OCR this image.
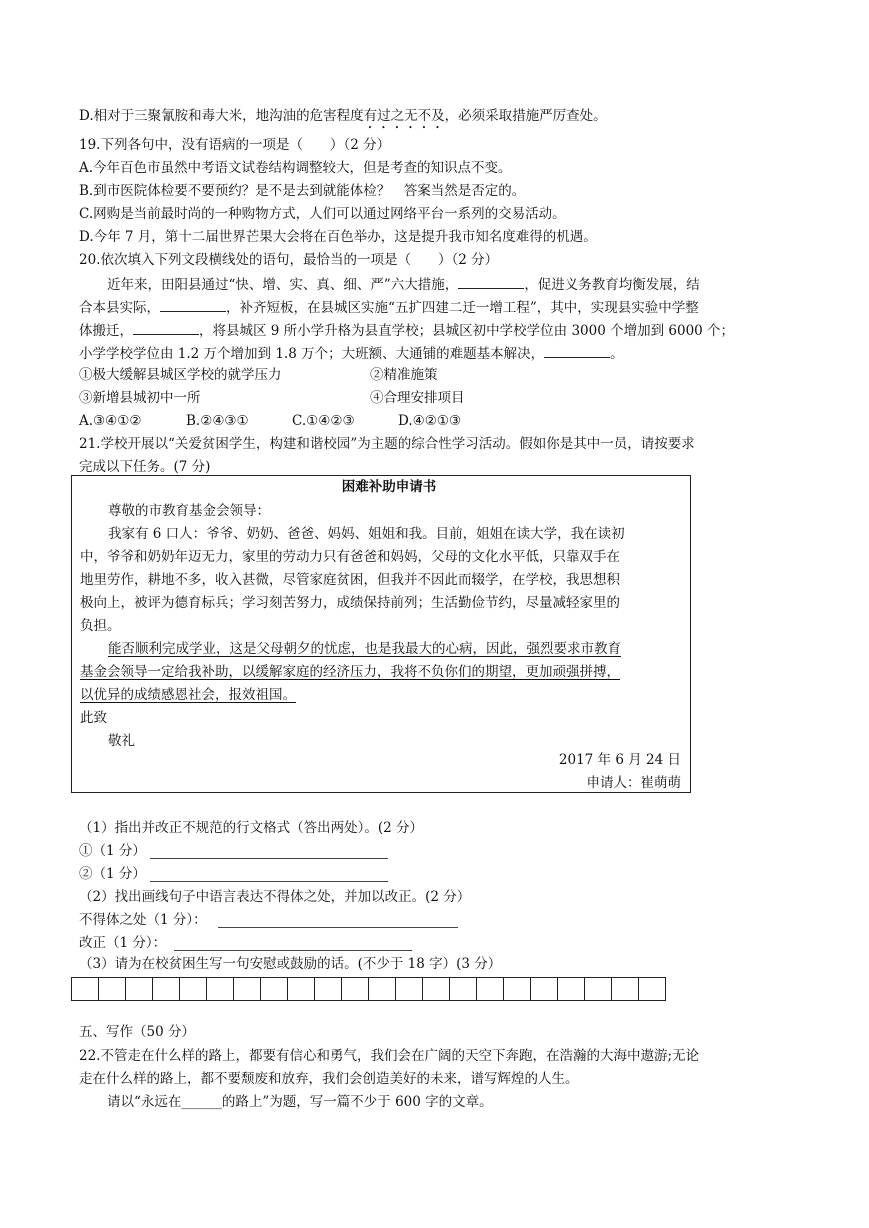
D.相对于三聚氰胺和毒大米，地沟油的危害程度有过之无不及，必须采取措施严厉查处。
19.下列各句中，没有语病的一项是（　　）（2 分）
A.今年百色市虽然中考语文试卷结构调整较大，但是考查的知识点不变。
B.到市医院体检要不要预约？是不是去到就能体检？　答案当然是否定的。
C.网购是当前最时尚的一种购物方式，人们可以通过网络平台一系列的交易活动。
D.今年 7 月，第十二届世界芒果大会将在百色举办，这是提升我市知名度难得的机遇。
20.依次填入下列文段横线处的语句，最恰当的一项是（　　）（2 分）
近年来，田阳县通过“快、增、实、真、细、严”六大措施，	，促进义务教育均衡发展，结
合本县实际，	，补齐短板，在县城区实施“五扩四建二迁一增工程”，其中，实现县实验中学整
体搬迁，	，将县城区 9 所小学升格为县直学校；县城区初中学校学位由 3000 个增加到 6000 个；
小学学校学位由 1.2 万个增加到 1.8 万个；大班额、大通铺的难题基本解决，	。
①极大缓解县城区学校的就学压力	②精准施策
③新增县城初中一所	④合理安排项目
A.③④①②	B.②④③①	C.①④②③	D.④②①③
21.学校开展以“关爱贫困学生，构建和谐校园”为主题的综合性学习活动。假如你是其中一员，请按要求
完成以下任务。(7 分)
困难补助申请书
尊敬的市教育基金会领导：
我家有 6 口人：爷爷、奶奶、爸爸、妈妈、姐姐和我。目前，姐姐在读大学，我在读初
中，爷爷和奶奶年迈无力，家里的劳动力只有爸爸和妈妈，父母的文化水平低，只靠双手在
地里劳作，耕地不多，收入甚微，尽管家庭贫困，但我并不因此而辍学，在学校，我思想积
极向上，被评为德育标兵；学习刻苦努力，成绩保持前列；生活勤俭节约，尽量减轻家里的
负担。
能否顺利完成学业，这是父母朝夕的忧虑，也是我最大的心病，因此，强烈要求市教育
基金会领导一定给我补助，以缓解家庭的经济压力，我将不负你们的期望，更加顽强拼搏，
以优异的成绩感恩社会，报效祖国。
此致
敬礼
2017 年 6 月 24 日
申请人：崔萌萌
（1）指出并改正不规范的行文格式（答出两处）。(2 分）
①（1 分）
②（1 分）
（2）找出画线句子中语言表达不得体之处，并加以改正。(2 分）
不得体之处（1 分）：
改正（1 分）：
（3）请为在校贫困生写一句安慰或鼓励的话。(不少于 18 字）(3 分）
五、写作（50 分）
22.不管走在什么样的路上，都要有信心和勇气，我们会在广阔的天空下奔跑，在浩瀚的大海中遨游;无论
走在什么样的路上，都不要颓废和放弃，我们会创造美好的未来，谱写辉煌的人生。
请以“永远在______的路上”为题，写一篇不少于 600 字的文章。
